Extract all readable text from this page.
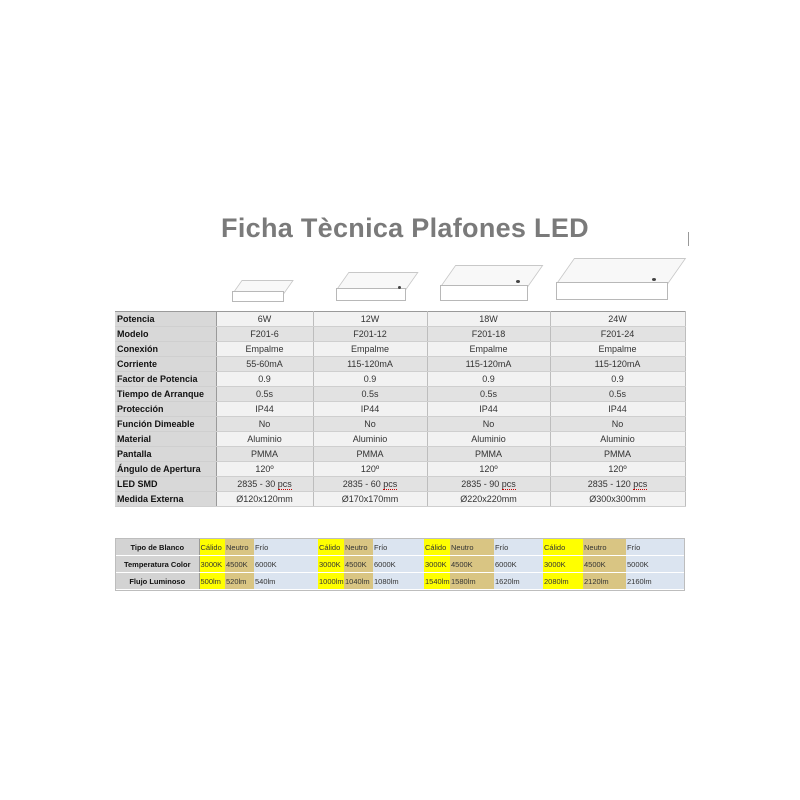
Ficha Tècnica Plafones LED
Potencia	6W	12W	18W	24W
Modelo	F201-6	F201-12	F201-18	F201-24
Conexión	Empalme	Empalme	Empalme	Empalme
Corriente	55-60mA	115-120mA	115-120mA	115-120mA
Factor de Potencia	0.9	0.9	0.9	0.9
Tiempo de Arranque	0.5s	0.5s	0.5s	0.5s
Protección	IP44	IP44	IP44	IP44
Función Dimeable	No	No	No	No
Material	Aluminio	Aluminio	Aluminio	Aluminio
Pantalla	PMMA	PMMA	PMMA	PMMA
Ángulo de Apertura	120º	120º	120º	120º
LED SMD	2835 - 30 pcs	2835 - 60 pcs	2835 - 90 pcs	2835 - 120 pcs
Medida Externa	Ø120x120mm	Ø170x170mm	Ø220x220mm	Ø300x300mm
Tipo de Blanco	Cálido	Neutro	Frío		Cálido	Neutro	Frío	Cálido	Neutro	Frío	Cálido	Neutro	Frío
Temperatura Color	3000K	4500K	6000K		3000K	4500K	6000K	3000K	4500K	6000K	3000K	4500K	5000K
Flujo Luminoso	500lm	520lm	540lm		1000lm	1040lm	1080lm	1540lm	1580lm	1620lm	2080lm	2120lm	2160lm
